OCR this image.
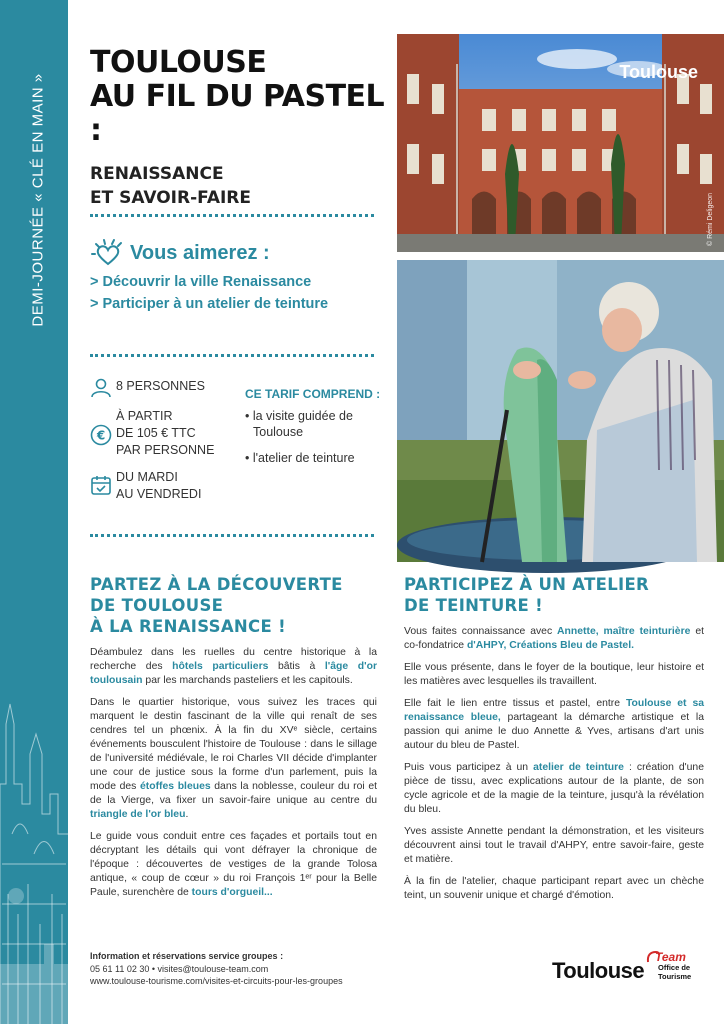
DEMI-JOURNÉE « CLÉ EN MAIN »
TOULOUSE
AU FIL DU PASTEL :
RENAISSANCE
ET SAVOIR-FAIRE
Vous aimerez :
> Découvrir la ville Renaissance
> Participer à un atelier de teinture
8 PERSONNES
€
À PARTIR
DE 105 € TTC
PAR PERSONNE
DU MARDI
AU VENDREDI
CE TARIF COMPREND :
• la visite guidée de Toulouse
• l'atelier de teinture
Toulouse
© Rémi Deligeon
© Marie-Lise Gouthier
PARTEZ À LA DÉCOUVERTE
DE TOULOUSE
À LA RENAISSANCE !

Déambulez dans les ruelles du centre historique à la recherche des hôtels particuliers bâtis à l'âge d'or toulousain par les marchands pasteliers et les capitouls.

Dans le quartier historique, vous suivez les traces qui marquent le destin fascinant de la ville qui renaît de ses cendres tel un phœnix. À la fin du XVᵉ siècle, certains événements bousculent l'histoire de Toulouse : dans le sillage de l'université médiévale, le roi Charles VII décide d'implanter une cour de justice sous la forme d'un parlement, puis la mode des étoffes bleues dans la noblesse, couleur du roi et de la Vierge, va fixer un savoir-faire unique au centre du triangle de l'or bleu.

Le guide vous conduit entre ces façades et portails tout en décryptant les détails qui vont défrayer la chronique de l'époque : découvertes de vestiges de la grande Tolosa antique, « coup de cœur » du roi François 1ᵉʳ pour la Belle Paule, surenchère de tours d'orgueil...

PARTICIPEZ À UN ATELIER
DE TEINTURE !

Vous faites connaissance avec Annette, maître teinturière et co-fondatrice d'AHPY, Créations Bleu de Pastel.

Elle vous présente, dans le foyer de la boutique, leur histoire et les matières avec lesquelles ils travaillent.

Elle fait le lien entre tissus et pastel, entre Toulouse et sa renaissance bleue, partageant la démarche artistique et la passion qui anime le duo Annette & Yves, artisans d'art unis autour du bleu de Pastel.

Puis vous participez à un atelier de teinture : création d'une pièce de tissu, avec explications autour de la plante, de son cycle agricole et de la magie de la teinture, jusqu'à la révélation du bleu.

Yves assiste Annette pendant la démonstration, et les visiteurs découvrent ainsi tout le travail d'AHPY, entre savoir-faire, geste et matière.

À la fin de l'atelier, chaque participant repart avec un chèche teint, un souvenir unique et chargé d'émotion.

Information et réservations service groupes :
05 61 11 02 30 • visites@toulouse-team.com
www.toulouse-tourisme.com/visites-et-circuits-pour-les-groupes	Toulouse
Team
Office de
Tourisme
